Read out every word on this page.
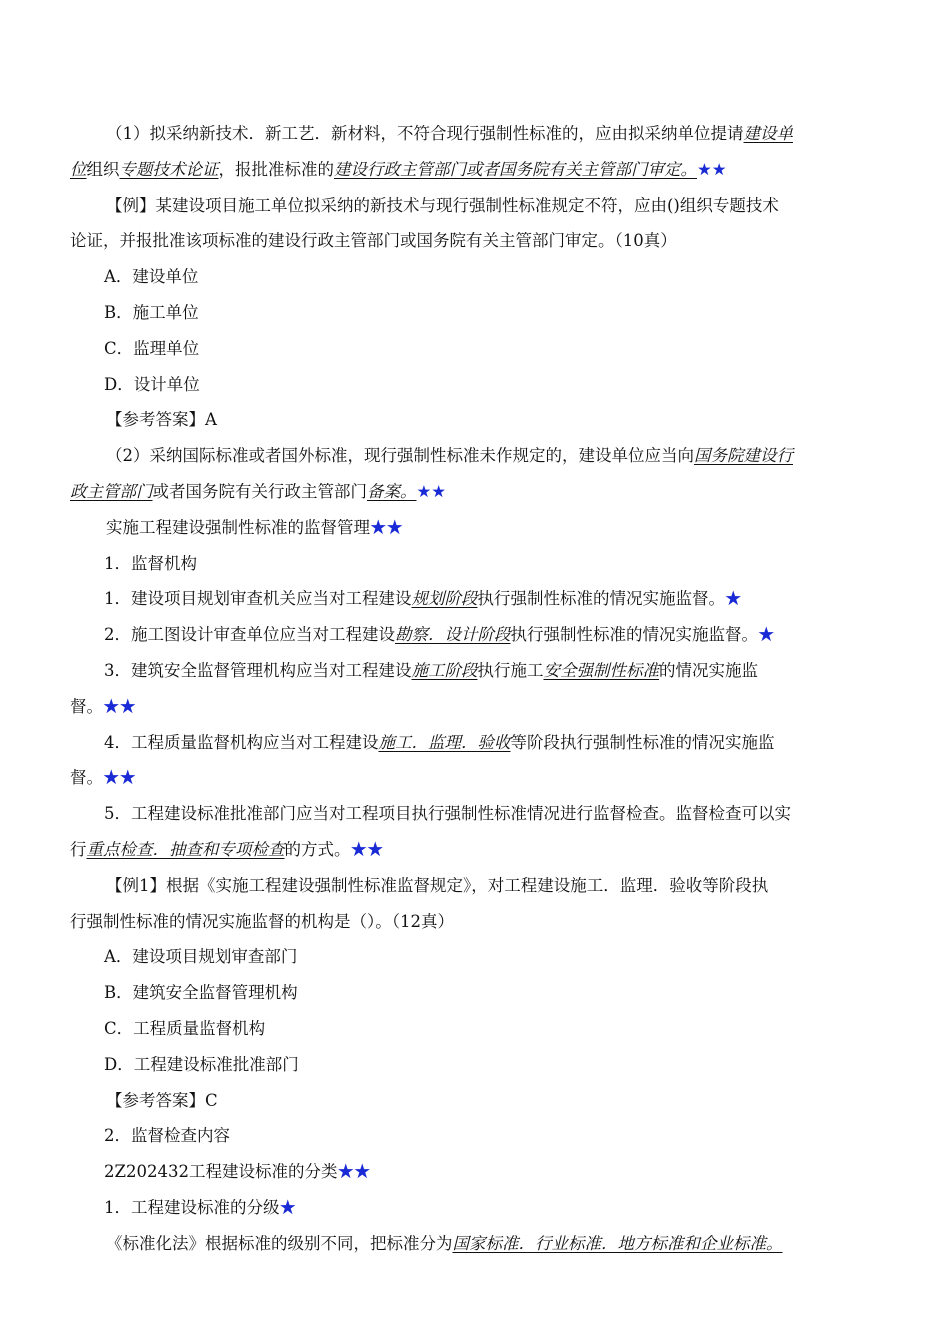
（1）拟采纳新技术．新工艺．新材料，不符合现行强制性标准的，应由拟采纳单位提请建设单
位组织专题技术论证，报批准标准的建设行政主管部门或者国务院有关主管部门审定。★★
【例】某建设项目施工单位拟采纳的新技术与现行强制性标准规定不符，应由()组织专题技术
论证，并报批准该项标准的建设行政主管部门或国务院有关主管部门审定。（10真）
A．建设单位
B．施工单位
C．监理单位
D．设计单位
【参考答案】A
（2）采纳国际标准或者国外标准，现行强制性标准未作规定的，建设单位应当向国务院建设行
政主管部门或者国务院有关行政主管部门备案。★★
实施工程建设强制性标准的监督管理★★
1．监督机构
1．建设项目规划审查机关应当对工程建设规划阶段执行强制性标准的情况实施监督。★
2．施工图设计审查单位应当对工程建设勘察．设计阶段执行强制性标准的情况实施监督。★
3．建筑安全监督管理机构应当对工程建设施工阶段执行施工安全强制性标准的情况实施监
督。★★
4．工程质量监督机构应当对工程建设施工．监理．验收等阶段执行强制性标准的情况实施监
督。★★
5．工程建设标准批准部门应当对工程项目执行强制性标准情况进行监督检查。监督检查可以实
行重点检查．抽查和专项检查的方式。★★
【例1】根据《实施工程建设强制性标准监督规定》，对工程建设施工．监理．验收等阶段执
行强制性标准的情况实施监督的机构是（）。（12真）
A．建设项目规划审查部门
B．建筑安全监督管理机构
C．工程质量监督机构
D．工程建设标准批准部门
【参考答案】C
2．监督检查内容
2Z202432工程建设标准的分类★★
1．工程建设标准的分级★
《标准化法》根据标准的级别不同，把标准分为国家标准．行业标准．地方标准和企业标准。
